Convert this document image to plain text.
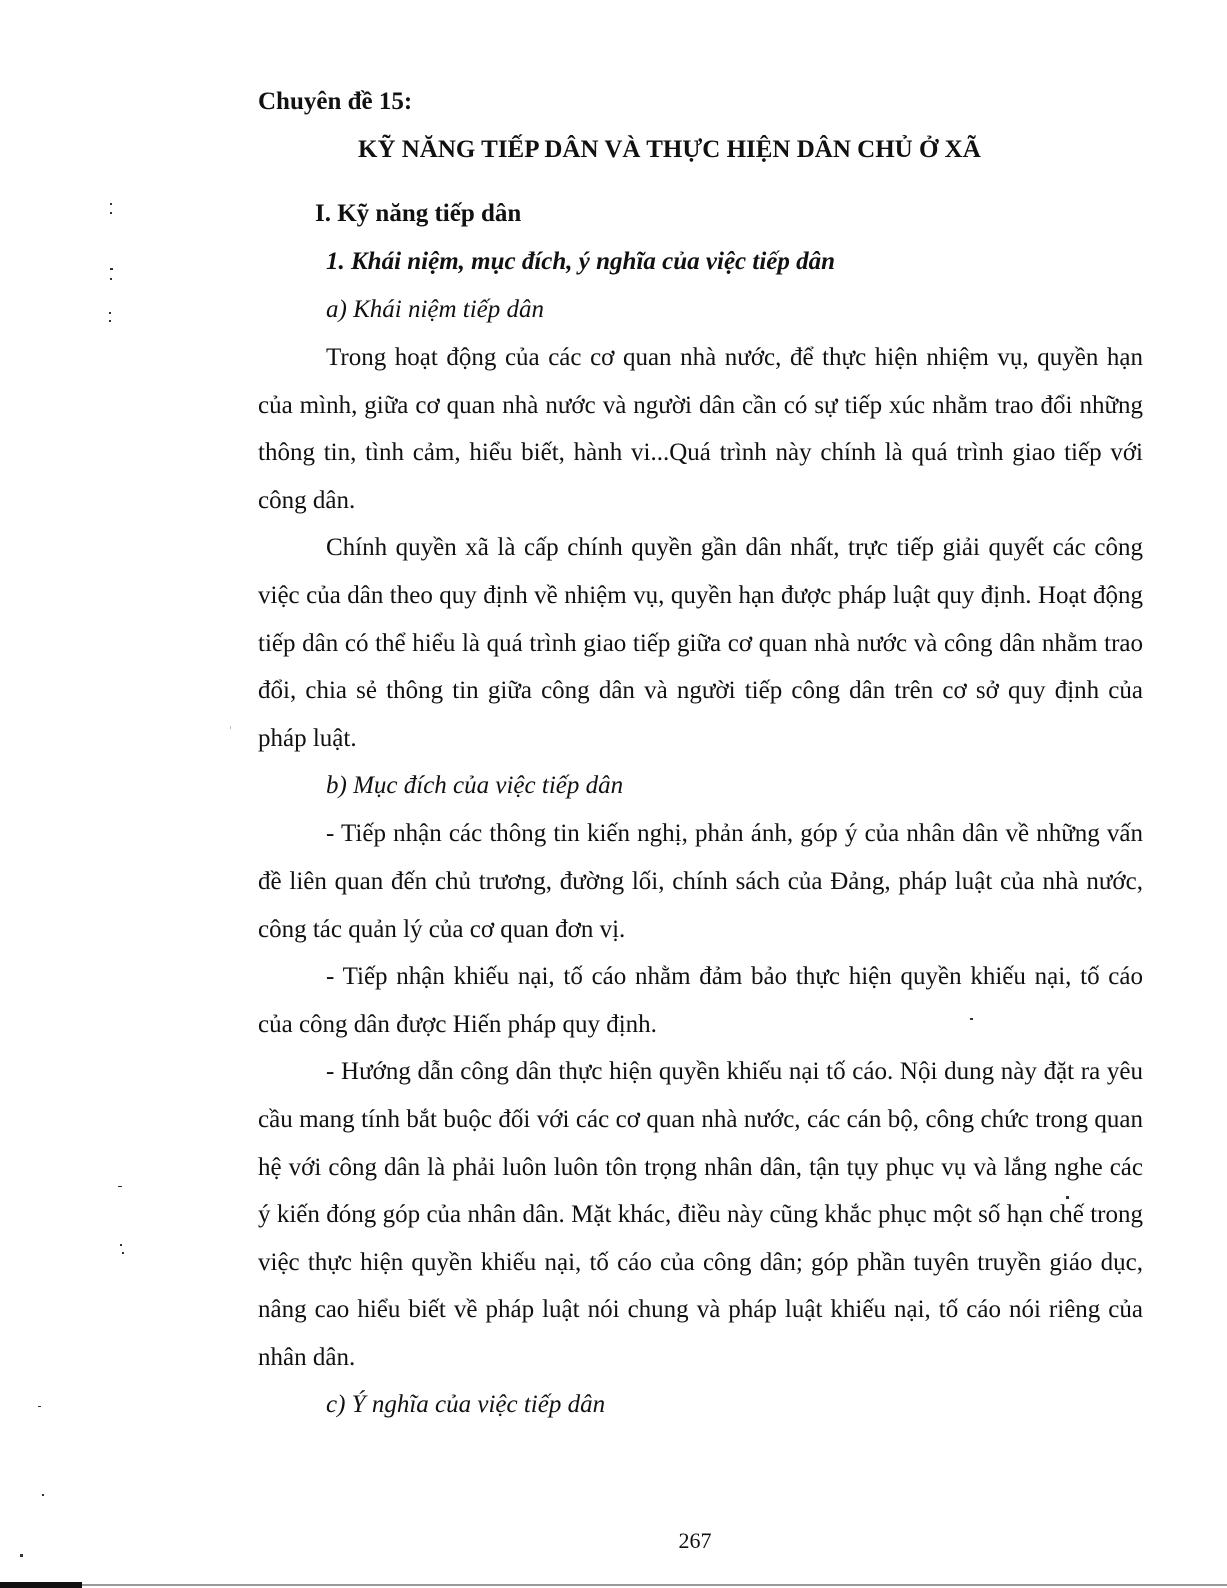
Chuyên đề 15:

KỸ NĂNG TIẾP DÂN VÀ THỰC HIỆN DÂN CHỦ Ở XÃ

I. Kỹ năng tiếp dân

1. Khái niệm, mục đích, ý nghĩa của việc tiếp dân

a) Khái niệm tiếp dân

Trong hoạt động của các cơ quan nhà nước, để thực hiện nhiệm vụ, quyền hạn của mình, giữa cơ quan nhà nước và người dân cần có sự tiếp xúc nhằm trao đổi những thông tin, tình cảm, hiểu biết, hành vi...Quá trình này chính là quá trình giao tiếp với công dân.

Chính quyền xã là cấp chính quyền gần dân nhất, trực tiếp giải quyết các công việc của dân theo quy định về nhiệm vụ, quyền hạn được pháp luật quy định. Hoạt động tiếp dân có thể hiểu là quá trình giao tiếp giữa cơ quan nhà nước và công dân nhằm trao đổi, chia sẻ thông tin giữa công dân và người tiếp công dân trên cơ sở quy định của pháp luật.

b) Mục đích của việc tiếp dân

- Tiếp nhận các thông tin kiến nghị, phản ánh, góp ý của nhân dân về những vấn đề liên quan đến chủ trương, đường lối, chính sách của Đảng, pháp luật của nhà nước, công tác quản lý của cơ quan đơn vị.

- Tiếp nhận khiếu nại, tố cáo nhằm đảm bảo thực hiện quyền khiếu nại, tố cáo của công dân được Hiến pháp quy định.

- Hướng dẫn công dân thực hiện quyền khiếu nại tố cáo. Nội dung này đặt ra yêu cầu mang tính bắt buộc đối với các cơ quan nhà nước, các cán bộ, công chức trong quan hệ với công dân là phải luôn luôn tôn trọng nhân dân, tận tụy phục vụ và lắng nghe các ý kiến đóng góp của nhân dân. Mặt khác, điều này cũng khắc phục một số hạn chế trong việc thực hiện quyền khiếu nại, tố cáo của công dân; góp phần tuyên truyền giáo dục, nâng cao hiểu biết về pháp luật nói chung và pháp luật khiếu nại, tố cáo nói riêng của nhân dân.

c) Ý nghĩa của việc tiếp dân

267
